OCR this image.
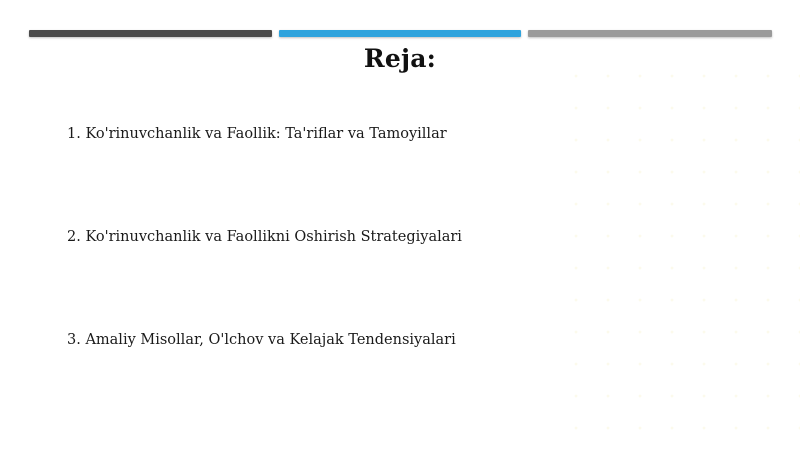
Reja:

1. Ko'rinuvchanlik va Faollik: Ta'riflar va Tamoyillar

2. Ko'rinuvchanlik va Faollikni Oshirish Strategiyalari

3. Amaliy Misollar, O'lchov va Kelajak Tendensiyalari
